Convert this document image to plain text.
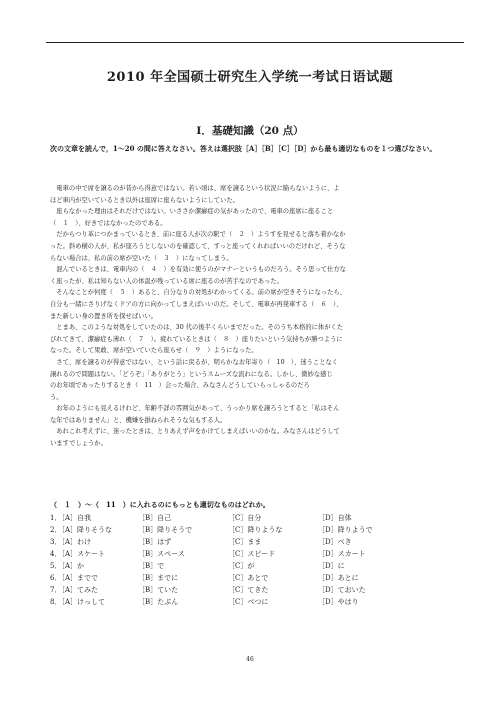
2010 年全国硕士研究生入学统一考试日语试题
I．基礎知識（20 点）
次の文章を読んで，1〜20 の間に答えなさい。答えは選択肢［A］［B］［C］［D］から最も適切なものを１つ選びなさい。
　電車の中で席を譲るのが昔から得意ではない。若い頃は、席を譲るという状況に陥らないように、よ
ほど車内が空いているとき以外は座席に座らないようにしていた。
　座らなかった理由はそれだけではない。いささか潔癖症の気があったので、電車の座席に座ること
（　１　）、好きではなかったのである。
　だからつり革につかまっているとき、前に座る人が次の駅で（　２　）ようすを見せると落ち着かなか
った。斜め横の人が、私が座ろうとしないのを確認して、すっと座ってくれればいいのだけれど、そうな
らない場合は、私の前の席が空いた（　３　）になってしまう。
　混んでいるときは、電車内の（　４　）を有効に使うのがマナーというものだろう。そう思って仕方な
く座ったが、私は知らない人の体温が残っている席に座るのが苦手なのであった。
　そんなことが何度（　５　）あると、自分なりの対処がわかってくる。前の席が空きそうになったら、
自分も一緒にさりげなくドアの方に向かってしまえばいいのだ。そして、電車が再発車する（　６　）、
また新しい身の置き所を探せばいい。
　とまあ、このような対処をしていたのは、30 代の後半くらいまでだった。そのうち本格的に体がくた
びれてきて、潔癖症も薄れ（　７　）。疲れているときは（　８　）座りたいという気持ちが勝つように
なった。そして果敢、席が空いていたら座らせ（　９　）ようになった。
　さて、席を譲るのが得意ではない、という話に戻るが、明らかなお年寄り（　10　）、迷うことなく
譲れるので問題はない。「どうぞ」「ありがとう」というスムーズな流れになる。しかし、微妙な感じ
のお年頃であったりするとき（　11　）会った場合、みなさんどうしていらっしゃるのだろ
う。
　お年のようにも見えるけれど、年齢不詳の雰囲気があって、うっかり席を譲ろうとすると「私はそん
な年ではありません」と、機嫌を損ねられそうな気もする人。
　あれこれ考えずに、迷ったときは、とりあえず声をかけてしまえばいいのかな。みなさんはどうして
いますでしょうか。
（　１　）〜（　11　）に入れるのにもっとも適切なものはどれか。
1．［A］自我	［B］自己	［C］自分	［D］自体
2．［A］降りそうな	［B］降りそうで	［C］降りような	［D］降りようで
3．［A］わけ	［B］はず	［C］まま	［D］べき
4．［A］スケート	［B］スペース	［C］スピード	［D］スカート
5．［A］か	［B］で	［C］が	［D］に
6．［A］までで	［B］までに	［C］あとで	［D］あとに
7．［A］てみた	［B］ていた	［C］てきた	［D］ておいた
8．［A］けっして	［B］たぶん	［C］べつに	［D］やはり
46
